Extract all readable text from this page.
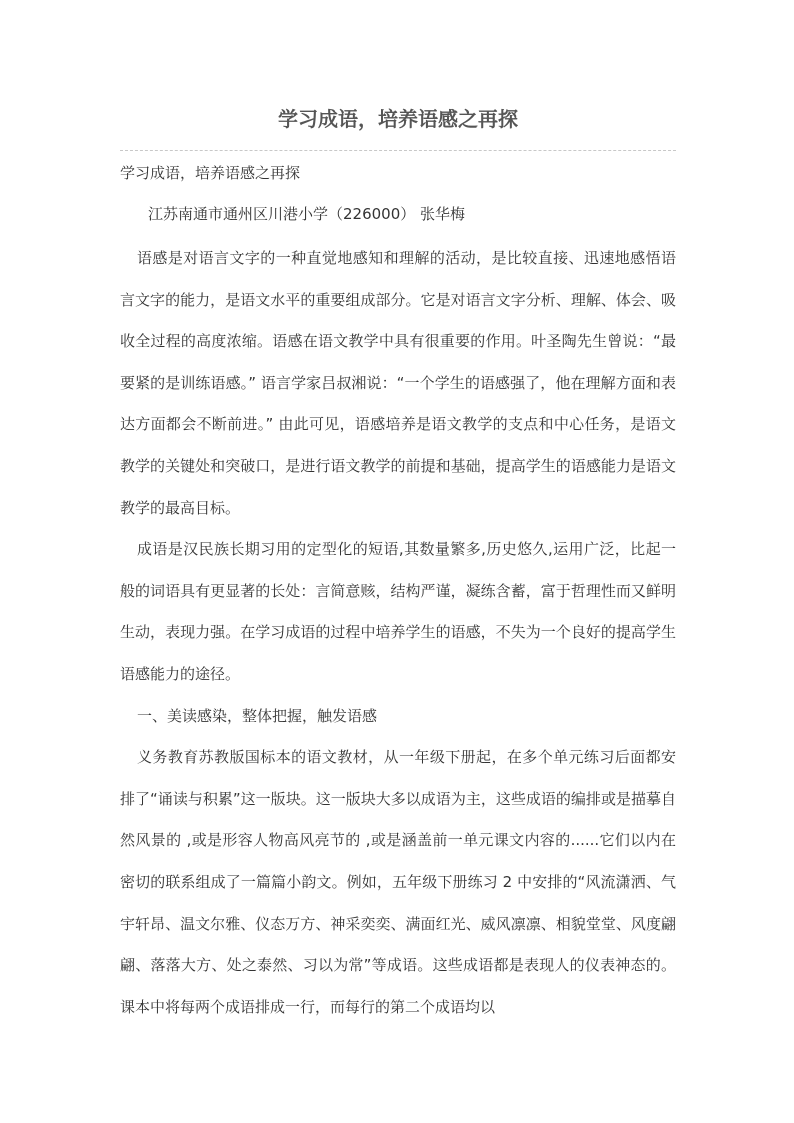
学习成语，培养语感之再探

学习成语，培养语感之再探

江苏南通市通州区川港小学（226000） 张华梅

语感是对语言文字的一种直觉地感知和理解的活动，是比较直接、迅速地感悟语言文字的能力，是语文水平的重要组成部分。它是对语言文字分析、理解、体会、吸收全过程的高度浓缩。语感在语文教学中具有很重要的作用。叶圣陶先生曾说：“最要紧的是训练语感。” 语言学家吕叔湘说：“一个学生的语感强了，他在理解方面和表达方面都会不断前进。” 由此可见，语感培养是语文教学的支点和中心任务，是语文教学的关键处和突破口，是进行语文教学的前提和基础，提高学生的语感能力是语文教学的最高目标。

成语是汉民族长期习用的定型化的短语,其数量繁多,历史悠久,运用广泛，比起一般的词语具有更显著的长处：言简意赅，结构严谨，凝练含蓄，富于哲理性而又鲜明生动，表现力强。在学习成语的过程中培养学生的语感，不失为一个良好的提高学生语感能力的途径。

一、美读感染，整体把握，触发语感

义务教育苏教版国标本的语文教材，从一年级下册起，在多个单元练习后面都安排了“诵读与积累”这一版块。这一版块大多以成语为主，这些成语的编排或是描摹自然风景的 ,或是形容人物高风亮节的 ,或是涵盖前一单元课文内容的......它们以内在密切的联系组成了一篇篇小韵文。例如，五年级下册练习 2 中安排的“风流潇洒、气宇轩昂、温文尔雅、仪态万方、神采奕奕、满面红光、威风凛凛、相貌堂堂、风度翩翩、落落大方、处之泰然、习以为常”等成语。这些成语都是表现人的仪表神态的。课本中将每两个成语排成一行，而每行的第二个成语均以
